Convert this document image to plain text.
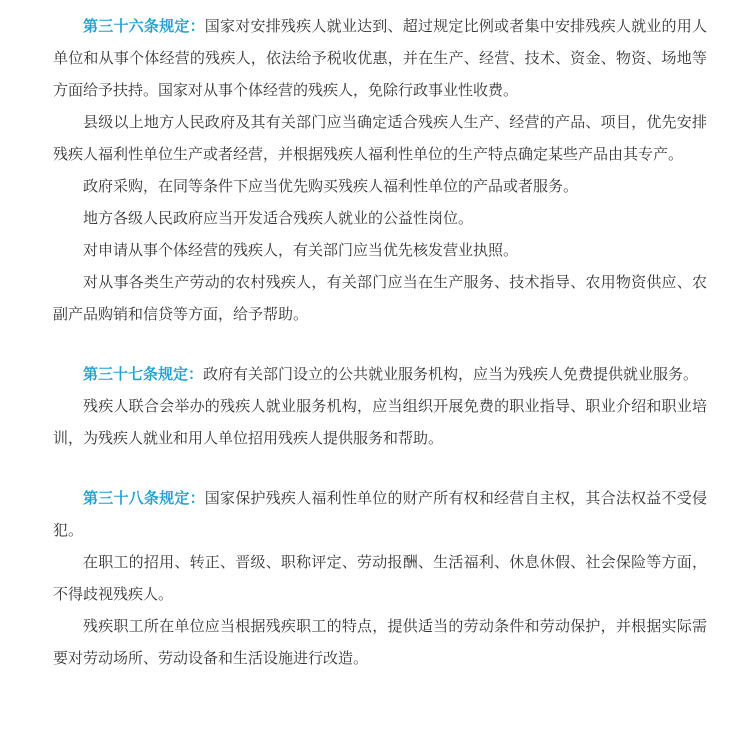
第三十六条规定：国家对安排残疾人就业达到、超过规定比例或者集中安排残疾人就业的用人单位和从事个体经营的残疾人，依法给予税收优惠，并在生产、经营、技术、资金、物资、场地等方面给予扶持。国家对从事个体经营的残疾人，免除行政事业性收费。

县级以上地方人民政府及其有关部门应当确定适合残疾人生产、经营的产品、项目，优先安排残疾人福利性单位生产或者经营，并根据残疾人福利性单位的生产特点确定某些产品由其专产。

政府采购，在同等条件下应当优先购买残疾人福利性单位的产品或者服务。

地方各级人民政府应当开发适合残疾人就业的公益性岗位。

对申请从事个体经营的残疾人，有关部门应当优先核发营业执照。

对从事各类生产劳动的农村残疾人，有关部门应当在生产服务、技术指导、农用物资供应、农副产品购销和信贷等方面，给予帮助。

第三十七条规定：政府有关部门设立的公共就业服务机构，应当为残疾人免费提供就业服务。

残疾人联合会举办的残疾人就业服务机构，应当组织开展免费的职业指导、职业介绍和职业培训，为残疾人就业和用人单位招用残疾人提供服务和帮助。

第三十八条规定：国家保护残疾人福利性单位的财产所有权和经营自主权，其合法权益不受侵犯。

在职工的招用、转正、晋级、职称评定、劳动报酬、生活福利、休息休假、社会保险等方面，不得歧视残疾人。

残疾职工所在单位应当根据残疾职工的特点，提供适当的劳动条件和劳动保护，并根据实际需要对劳动场所、劳动设备和生活设施进行改造。
